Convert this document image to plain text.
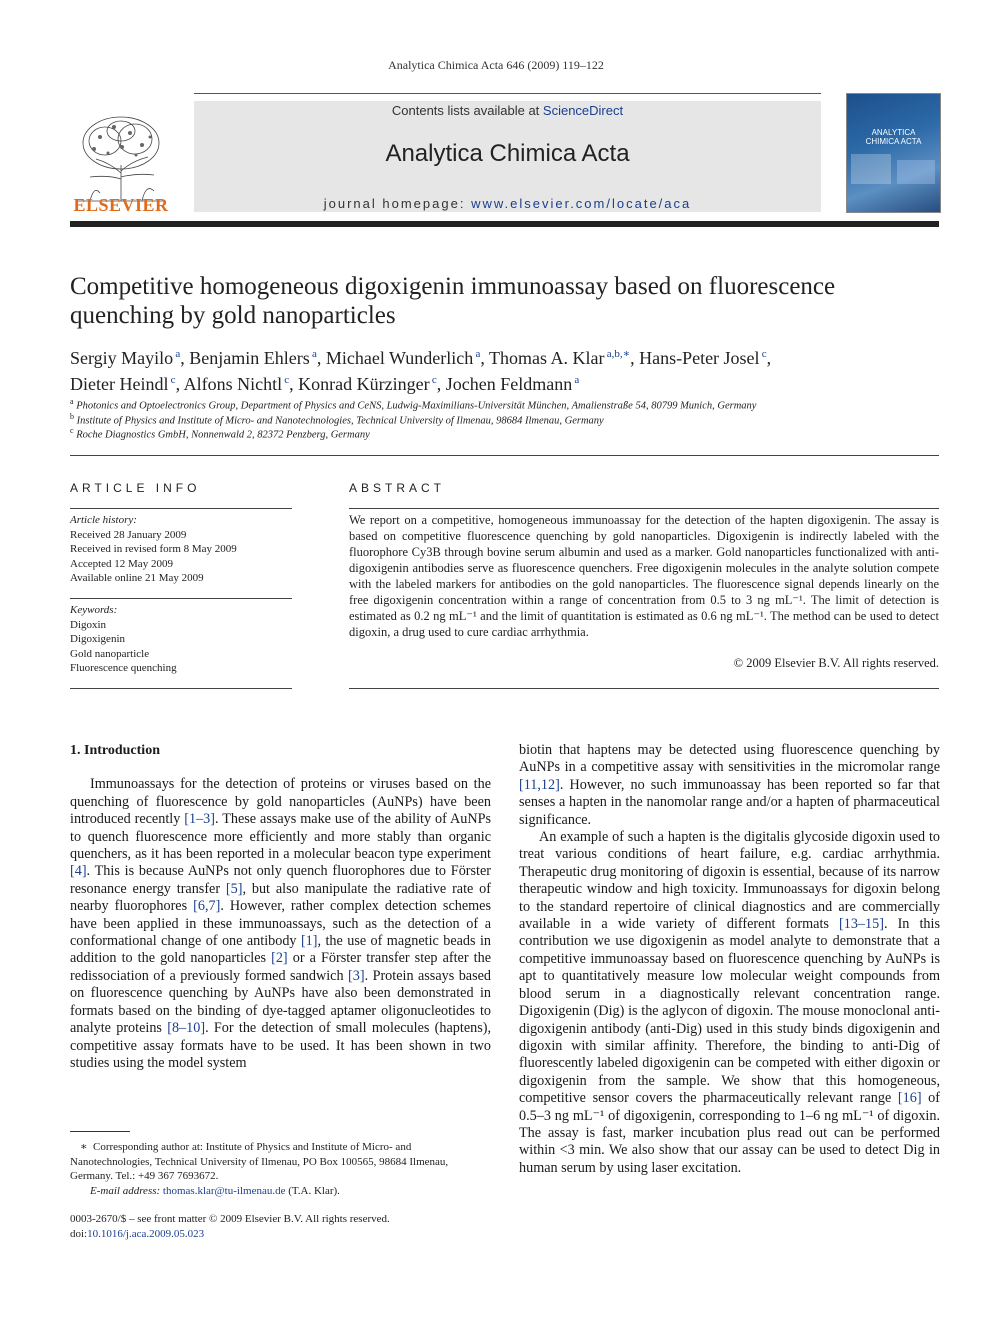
Analytica Chimica Acta 646 (2009) 119–122
ELSEVIER
Contents lists available at ScienceDirect
Analytica Chimica Acta
journal homepage: www.elsevier.com/locate/aca
ANALYTICA
CHIMICA ACTA
Competitive homogeneous digoxigenin immunoassay based on fluorescence quenching by gold nanoparticles
Sergiy Mayilo $^a$, Benjamin Ehlers $^a$, Michael Wunderlich $^a$, Thomas A. Klar $^{a,b,∗}$, Hans-Peter Josel $^c$,
Dieter Heindl $^c$, Alfons Nichtl $^c$, Konrad Kürzinger $^c$, Jochen Feldmann $^a$
$^a$ Photonics and Optoelectronics Group, Department of Physics and CeNS, Ludwig-Maximilians-Universität München, Amalienstraße 54, 80799 Munich, Germany
$^b$ Institute of Physics and Institute of Micro- and Nanotechnologies, Technical University of Ilmenau, 98684 Ilmenau, Germany
$^c$ Roche Diagnostics GmbH, Nonnenwald 2, 82372 Penzberg, Germany
ARTICLE INFO
Article history:
Received 28 January 2009
Received in revised form 8 May 2009
Accepted 12 May 2009
Available online 21 May 2009
Keywords:
Digoxin
Digoxigenin
Gold nanoparticle
Fluorescence quenching
ABSTRACT
We report on a competitive, homogeneous immunoassay for the detection of the hapten digoxigenin. The assay is based on competitive fluorescence quenching by gold nanoparticles. Digoxigenin is indirectly labeled with the fluorophore Cy3B through bovine serum albumin and used as a marker. Gold nanoparticles functionalized with anti-digoxigenin antibodies serve as fluorescence quenchers. Free digoxigenin molecules in the analyte solution compete with the labeled markers for antibodies on the gold nanoparticles. The fluorescence signal depends linearly on the free digoxigenin concentration within a range of concentration from 0.5 to 3 ng mL⁻¹. The limit of detection is estimated as 0.2 ng mL⁻¹ and the limit of quantitation is estimated as 0.6 ng mL⁻¹. The method can be used to detect digoxin, a drug used to cure cardiac arrhythmia.
© 2009 Elsevier B.V. All rights reserved.
1. Introduction

Immunoassays for the detection of proteins or viruses based on the quenching of fluorescence by gold nanoparticles (AuNPs) have been introduced recently [1–3]. These assays make use of the ability of AuNPs to quench fluorescence more efficiently and more stably than organic quenchers, as it has been reported in a molecular beacon type experiment [4]. This is because AuNPs not only quench fluorophores due to Förster resonance energy transfer [5], but also manipulate the radiative rate of nearby fluorophores [6,7]. However, rather complex detection schemes have been applied in these immunoassays, such as the detection of a conformational change of one antibody [1], the use of magnetic beads in addition to the gold nanoparticles [2] or a Förster transfer step after the redissociation of a previously formed sandwich [3]. Protein assays based on fluorescence quenching by AuNPs have also been demonstrated in formats based on the binding of dye-tagged aptamer oligonucleotides to analyte proteins [8–10]. For the detection of small molecules (haptens), competitive assay formats have to be used. It has been shown in two studies using the model system

biotin that haptens may be detected using fluorescence quenching by AuNPs in a competitive assay with sensitivities in the micromolar range [11,12]. However, no such immunoassay has been reported so far that senses a hapten in the nanomolar range and/or a hapten of pharmaceutical significance.

An example of such a hapten is the digitalis glycoside digoxin used to treat various conditions of heart failure, e.g. cardiac arrhythmia. Therapeutic drug monitoring of digoxin is essential, because of its narrow therapeutic window and high toxicity. Immunoassays for digoxin belong to the standard repertoire of clinical diagnostics and are commercially available in a wide variety of different formats [13–15]. In this contribution we use digoxigenin as model analyte to demonstrate that a competitive immunoassay based on fluorescence quenching by AuNPs is apt to quantitatively measure low molecular weight compounds from blood serum in a diagnostically relevant concentration range. Digoxigenin (Dig) is the aglycon of digoxin. The mouse monoclonal anti-digoxigenin antibody (anti-Dig) used in this study binds digoxigenin and digoxin with similar affinity. Therefore, the binding to anti-Dig of fluorescently labeled digoxigenin can be competed with either digoxin or digoxigenin from the sample. We show that this homogeneous, competitive sensor covers the pharmaceutically relevant range [16] of 0.5–3 ng mL⁻¹ of digoxigenin, corresponding to 1–6 ng mL⁻¹ of digoxin. The assay is fast, marker incubation plus read out can be performed within <3 min. We also show that our assay can be used to detect Dig in human serum by using laser excitation.

∗ Corresponding author at: Institute of Physics and Institute of Micro- and Nanotechnologies, Technical University of Ilmenau, PO Box 100565, 98684 Ilmenau, Germany. Tel.: +49 367 7693672.
E-mail address: thomas.klar@tu-ilmenau.de (T.A. Klar).
0003-2670/$ – see front matter © 2009 Elsevier B.V. All rights reserved.
doi:10.1016/j.aca.2009.05.023
